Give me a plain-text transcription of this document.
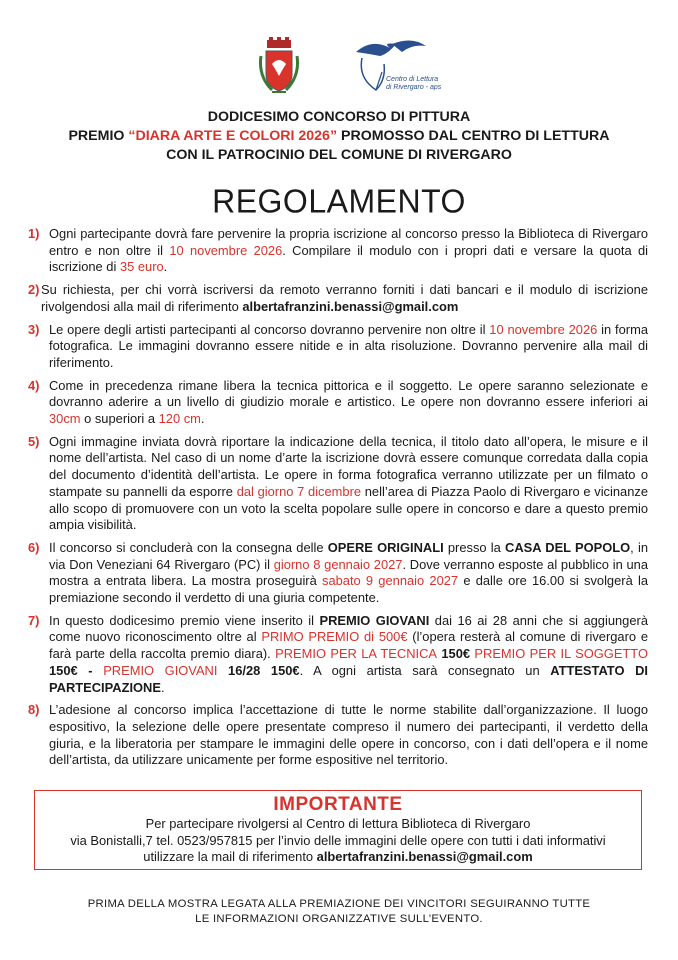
Centro di Lettura
di Rivergaro - aps
DODICESIMO CONCORSO DI PITTURA
PREMIO “DIARA ARTE E COLORI 2026” PROMOSSO DAL CENTRO DI LETTURA
CON IL PATROCINIO DEL COMUNE DI RIVERGARO
REGOLAMENTO
1) Ogni partecipante dovrà fare pervenire la propria iscrizione al concorso presso la Biblioteca di Rivergaro entro e non oltre il 10 novembre 2026. Compilare il modulo con i propri dati e versare la quota di iscrizione di 35 euro.
2) Su richiesta, per chi vorrà iscriversi da remoto verranno forniti i dati bancari e il modulo di iscrizione rivolgendosi alla mail di riferimento albertafranzini.benassi@gmail.com
3) Le opere degli artisti partecipanti al concorso dovranno pervenire non oltre il 10 novembre 2026 in forma fotografica. Le immagini dovranno essere nitide e in alta risoluzione. Dovranno pervenire alla mail di riferimento.
4) Come in precedenza rimane libera la tecnica pittorica e il soggetto. Le opere saranno selezionate e dovranno aderire a un livello di giudizio morale e artistico. Le opere non dovranno essere inferiori ai 30cm o superiori a 120 cm.
5) Ogni immagine inviata dovrà riportare la indicazione della tecnica, il titolo dato all’opera, le misure e il nome dell’artista. Nel caso di un nome d’arte la iscrizione dovrà essere comunque corredata dalla copia del documento d’identità dell’artista. Le opere in forma fotografica verranno utilizzate per un filmato o stampate su pannelli da esporre dal giorno 7 dicembre nell’area di Piazza Paolo di Rivergaro e vicinanze allo scopo di promuovere con un voto la scelta popolare sulle opere in concorso e dare a questo premio ampia visibilità.
6) Il concorso si concluderà con la consegna delle OPERE ORIGINALI presso la CASA DEL POPOLO, in via Don Veneziani 64 Rivergaro (PC) il giorno 8 gennaio 2027. Dove verranno esposte al pubblico in una mostra a entrata libera. La mostra proseguirà sabato 9 gennaio 2027 e dalle ore 16.00 si svolgerà la premiazione secondo il verdetto di una giuria competente.
7) In questo dodicesimo premio viene inserito il PREMIO GIOVANI dai 16 ai 28 anni che si aggiungerà come nuovo riconoscimento oltre al PRIMO PREMIO di 500€ (l’opera resterà al comune di rivergaro e farà parte della raccolta premio diara). PREMIO PER LA TECNICA 150€ PREMIO PER IL SOGGETTO 150€ - PREMIO GIOVANI 16/28 150€. A ogni artista sarà consegnato un ATTESTATO DI PARTECIPAZIONE.
8) L’adesione al concorso implica l’accettazione di tutte le norme stabilite dall’organizzazione. Il luogo espositivo, la selezione delle opere presentate compreso il numero dei partecipanti, il verdetto della giuria, e la liberatoria per stampare le immagini delle opere in concorso, con i dati dell’opera e il nome dell’artista, da utilizzare unicamente per forme espositive nel territorio.
IMPORTANTE
Per partecipare rivolgersi al Centro di lettura Biblioteca di Rivergaro
via Bonistalli,7 tel. 0523/957815 per l’invio delle immagini delle opere con tutti i dati informativi
utilizzare la mail di riferimento albertafranzini.benassi@gmail.com
PRIMA DELLA MOSTRA LEGATA ALLA PREMIAZIONE DEI VINCITORI SEGUIRANNO TUTTE
LE INFORMAZIONI ORGANIZZATIVE SULL’EVENTO.
